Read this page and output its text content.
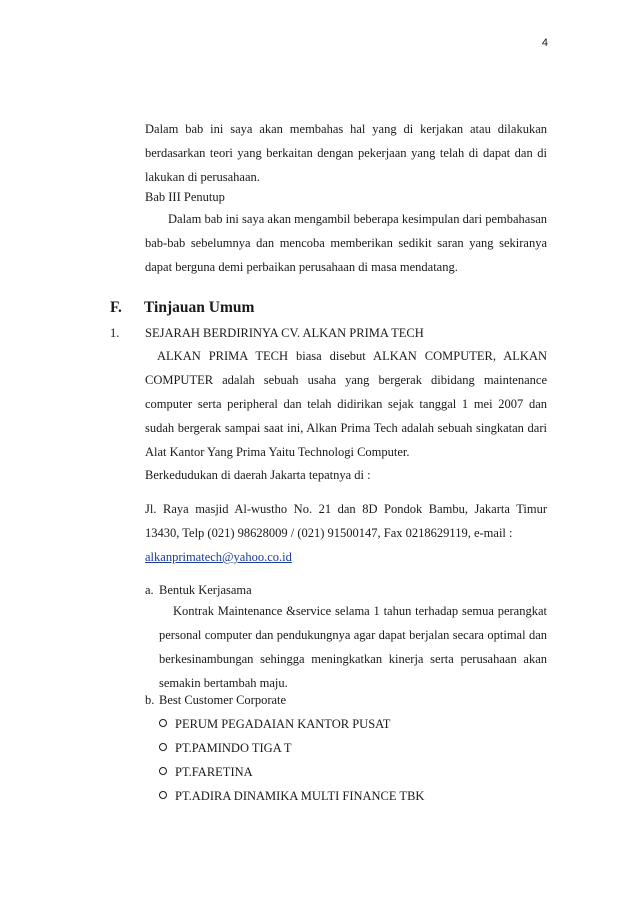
4

Dalam bab ini saya akan membahas hal yang di kerjakan atau dilakukan berdasarkan teori yang berkaitan dengan pekerjaan yang telah di dapat dan di lakukan di perusahaan.

Bab III Penutup

Dalam bab ini saya akan mengambil beberapa kesimpulan dari pembahasan bab-bab sebelumnya dan mencoba memberikan sedikit saran yang sekiranya dapat berguna demi perbaikan perusahaan di masa mendatang.

F. Tinjauan Umum
1. SEJARAH BERDIRINYA CV. ALKAN PRIMA TECH

ALKAN PRIMA TECH biasa disebut ALKAN COMPUTER, ALKAN COMPUTER adalah sebuah usaha yang bergerak dibidang maintenance computer serta peripheral dan telah didirikan sejak tanggal 1 mei 2007 dan sudah bergerak sampai saat ini, Alkan Prima Tech adalah sebuah singkatan dari Alat Kantor Yang Prima Yaitu Technologi Computer.

Berkedudukan di daerah Jakarta tepatnya di :

Jl. Raya masjid Al-wustho No. 21 dan 8D Pondok Bambu, Jakarta Timur 13430, Telp (021) 98628009 / (021) 91500147, Fax 0218629119, e-mail :

alkanprimatech@yahoo.co.id
a. Bentuk Kerjasama

Kontrak Maintenance &service selama 1 tahun terhadap semua perangkat personal computer dan pendukungnya agar dapat berjalan secara optimal dan berkesinambungan sehingga meningkatkan kinerja serta perusahaan akan semakin bertambah maju.

b. Best Customer Corporate
PERUM PEGADAIAN KANTOR PUSAT
PT.PAMINDO TIGA T
PT.FARETINA
PT.ADIRA DINAMIKA MULTI FINANCE TBK
